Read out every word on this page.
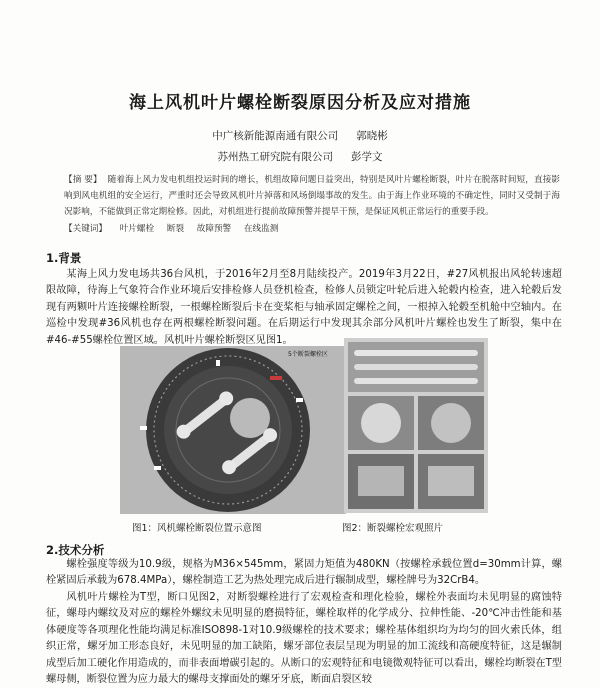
海上风机叶片螺栓断裂原因分析及应对措施
中广核新能源南通有限公司 郭晓彬
苏州热工研究院有限公司 彭学文
【摘 要】 随着海上风力发电机组投运时间的增长，机组故障问题日益突出，特别是风叶片螺栓断裂，叶片在脱落时间短，直接影响到风电机组的安全运行，严重时还会导致风机叶片掉落和风场倒塌事故的发生。由于海上作业环境的不确定性，同时又受制于海况影响，不能做到正常定期检修。因此，对机组进行提前故障预警并提早干预，是保证风机正常运行的重要手段。
【关键词】 叶片螺栓 断裂 故障预警 在线监测
1.背景
某海上风力发电场共36台风机，于2016年2月至8月陆续投产。2019年3月22日，#27风机报出风轮转速超限故障，待海上气象符合作业环境后安排检修人员登机检查，检修人员锁定叶轮后进入轮毂内检查，进入轮毂后发现有两颗叶片连接螺栓断裂，一根螺栓断裂后卡在变桨柜与轴承固定螺栓之间，一根掉入轮毂至机舱中空轴内。在巡检中发现#36风机也存在两根螺栓断裂问题。在后期运行中发现其余部分风机叶片螺栓也发生了断裂，集中在#46-#55螺栓位置区域。风机叶片螺栓断裂区见图1。
5个断裂螺栓区
图1：风机螺栓断裂位置示意图	图2：断裂螺栓宏观照片
2.技术分析
螺栓强度等级为10.9级，规格为M36×545mm，紧固力矩值为480KN（按螺栓承载位置d=30mm计算，螺栓紧固后承载为678.4MPa），螺栓制造工艺为热处理完成后进行辗制成型，螺栓牌号为32CrB4。
风机叶片螺栓为T型，断口见图2，对断裂螺栓进行了宏观检查和理化检验，螺栓外表面均未见明显的腐蚀特征，螺母内螺纹及对应的螺栓外螺纹未见明显的磨损特征，螺栓取样的化学成分、拉伸性能、-20℃冲击性能和基体硬度等各项理化性能均满足标准ISO898-1对10.9级螺栓的技术要求；螺栓基体组织均为均匀的回火索氏体，组织正常，螺牙加工形态良好，未见明显的加工缺陷，螺牙部位表层呈现为明显的加工流线和高硬度特征，这是辗制成型后加工硬化作用造成的，而非表面增碳引起的。从断口的宏观特征和电镜微观特征可以看出，螺栓均断裂在T型螺母侧，断裂位置为应力最大的螺母支撑面处的螺牙牙底，断面启裂区较
